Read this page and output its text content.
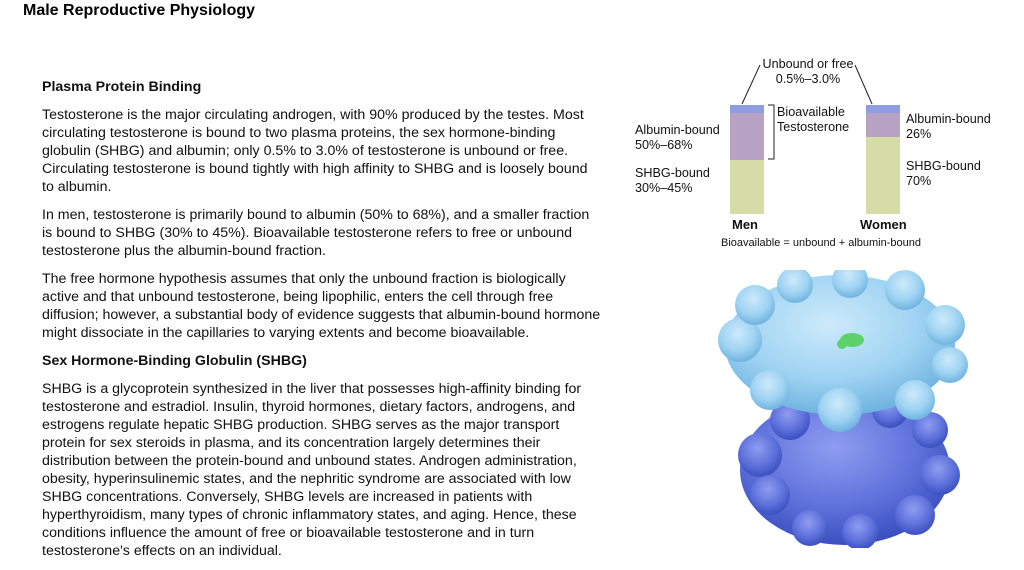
Male Reproductive Physiology
Plasma Protein Binding

Testosterone is the major circulating androgen, with 90% produced by the testes. Most circulating testosterone is bound to two plasma proteins, the sex hormone-binding globulin (SHBG) and albumin; only 0.5% to 3.0% of testosterone is unbound or free. Circulating testosterone is bound tightly with high affinity to SHBG and is loosely bound to albumin.

In men, testosterone is primarily bound to albumin (50% to 68%), and a smaller fraction is bound to SHBG (30% to 45%). Bioavailable testosterone refers to free or unbound testosterone plus the albumin-bound fraction.

The free hormone hypothesis assumes that only the unbound fraction is biologically active and that unbound testosterone, being lipophilic, enters the cell through free diffusion; however, a substantial body of evidence suggests that albumin-bound hormone might dissociate in the capillaries to varying extents and become bioavailable.

Sex Hormone-Binding Globulin (SHBG)

SHBG is a glycoprotein synthesized in the liver that possesses high-affinity binding for testosterone and estradiol. Insulin, thyroid hormones, dietary factors, androgens, and estrogens regulate hepatic SHBG production. SHBG serves as the major transport protein for sex steroids in plasma, and its concentration largely determines their distribution between the protein-bound and unbound states. Androgen administration, obesity, hyperinsulinemic states, and the nephritic syndrome are associated with low SHBG concentrations. Conversely, SHBG levels are increased in patients with hyperthyroidism, many types of chronic inflammatory states, and aging. Hence, these conditions influence the amount of free or bioavailable testosterone and in turn testosterone's effects on an individual.

Unbound or free
0.5%–3.0%
Albumin-bound
50%–68%
SHBG-bound
30%–45%
Bioavailable
Testosterone
Albumin-bound
26%
SHBG-bound
70%
Men	Women
Bioavailable = unbound + albumin-bound
